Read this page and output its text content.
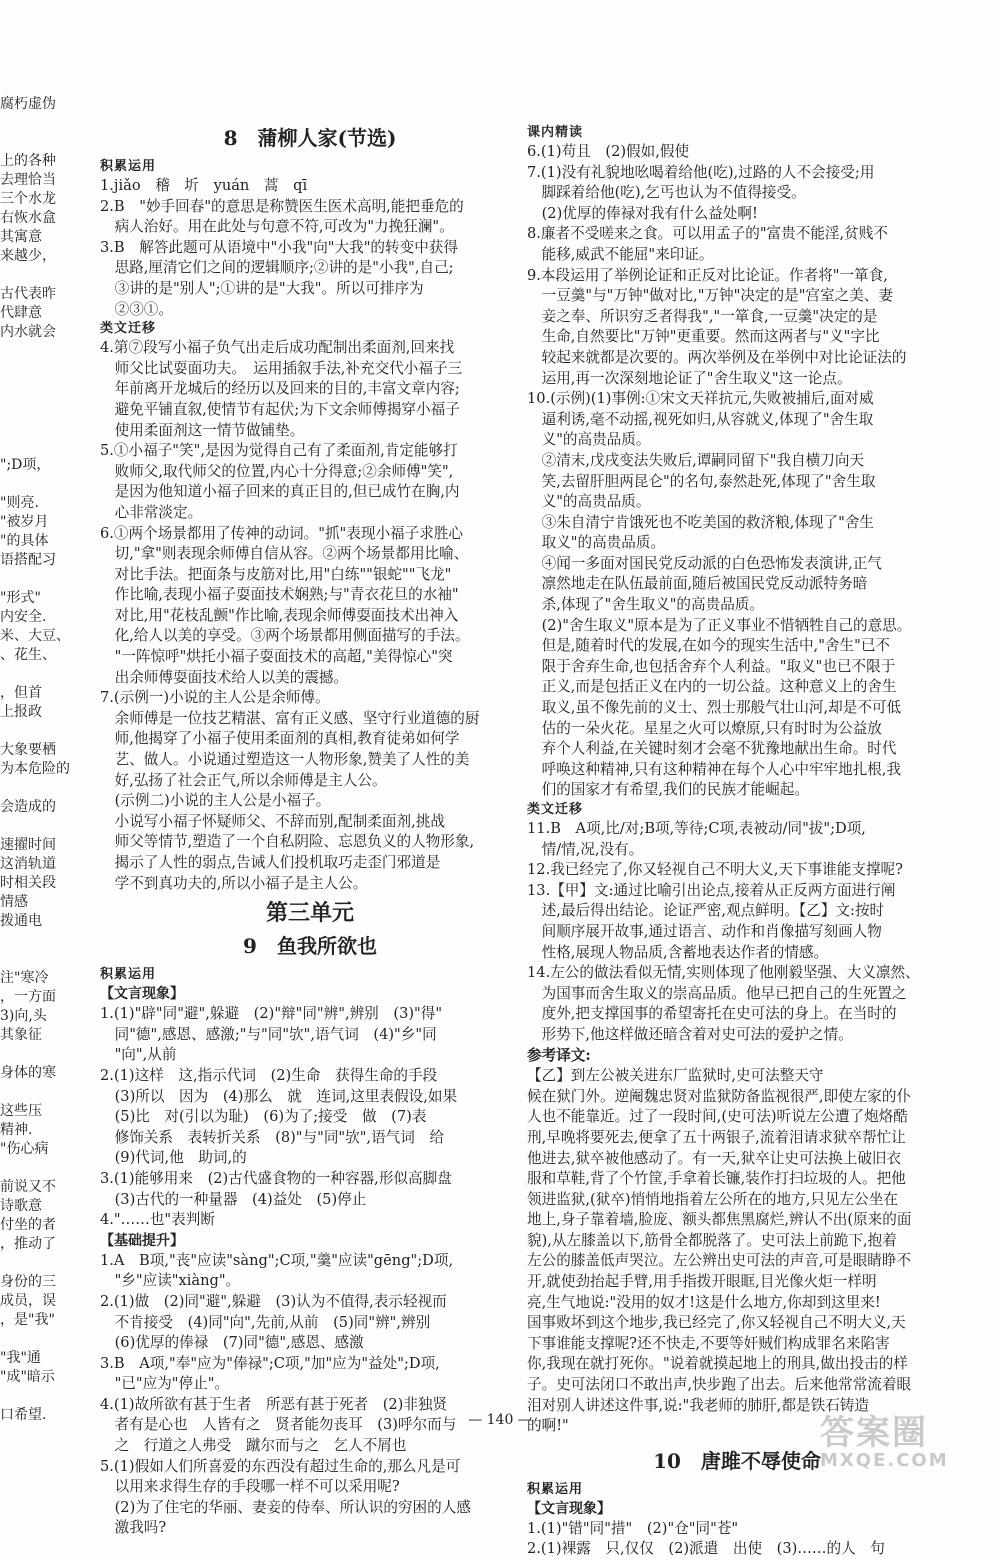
腐朽虚伪

上的各种
去理恰当
三个水龙
右恢水盒
其寓意
来越少，

古代表昨
代肆意
内水就会

";D项，

"则亮.
"被岁月
"的具体
语搭配习

"形式"
内安全.
米、大豆、
、花生、

，但首
上报政

大象要栖
为本危险的

会造成的

速擢时间
这消轨道
时相关段
情感
拨通电

注"寒冷
，一方面
3)向,头
其象征

身体的寒

这些压
精神.
"伤心病

前说又不
诗歌意
付坐的者
，推动了

身份的三
成员，误
，是"我"

"我"通
"成"暗示

口希望.
8　蒲柳人家(节选)
积累运用
1.jiǎo　稽　圻　yuán　蒿　qī
2.B　"妙手回春"的意思是称赞医生医术高明,能把垂危的
　病人治好。用在此处与句意不符,可改为"力挽狂澜"。
3.B　解答此题可从语境中"小我"向"大我"的转变中获得
　思路,厘清它们之间的逻辑顺序;②讲的是"小我",自己;
　③讲的是"别人";①讲的是"大我"。所以可排序为
　②③①。
类文迁移
4.第⑦段写小福子负气出走后成功配制出柔面剂,回来找
　师父比试耍面功夫。　运用插叙手法,补充交代小福子三
　年前离开龙城后的经历以及回来的目的,丰富文章内容;
　避免平铺直叙,使情节有起伏;为下文余师傅揭穿小福子
　使用柔面剂这一情节做铺垫。
5.①小福子"笑",是因为觉得自己有了柔面剂,肯定能够打
　败师父,取代师父的位置,内心十分得意;②余师傅"笑",
　是因为他知道小福子回来的真正目的,但已成竹在胸,内
　心非常淡定。
6.①两个场景都用了传神的动词。"抓"表现小福子求胜心
　切,"拿"则表现余师傅自信从容。②两个场景都用比喻、
　对比手法。把面条与皮筋对比,用"白练""银蛇""飞龙"
　作比喻,表现小福子耍面技术娴熟;与"青衣花旦的水袖"
　对比,用"花枝乱颤"作比喻,表现余师傅耍面技术出神入
　化,给人以美的享受。③两个场景都用侧面描写的手法。
　"一阵惊呼"烘托小福子耍面技术的高超,"美得惊心"突
　出余师傅耍面技术给人以美的震撼。
7.(示例一)小说的主人公是余师傅。
　余师傅是一位技艺精湛、富有正义感、坚守行业道德的厨
　师,他揭穿了小福子使用柔面剂的真相,教育徒弟如何学
　艺、做人。小说通过塑造这一人物形象,赞美了人性的美
　好,弘扬了社会正气,所以余师傅是主人公。
　(示例二)小说的主人公是小福子。
　小说写小福子怀疑师父、不辞而别,配制柔面剂,挑战
　师父等情节,塑造了一个自私阴险、忘恩负义的人物形象,
　揭示了人性的弱点,告诫人们投机取巧走歪门邪道是
　学不到真功夫的,所以小福子是主人公。
第三单元
9　鱼我所欲也
积累运用
【文言现象】
1.(1)"辟"同"避",躲避　(2)"辩"同"辨",辨别　(3)"得"
　同"德",感恩、感激;"与"同"欤",语气词　(4)"乡"同
　"向",从前
2.(1)这样　这,指示代词　(2)生命　获得生命的手段
　(3)所以　因为　(4)那么　就　连词,这里表假设,如果
　(5)比　对(引以为耻)　(6)为了;接受　做　(7)表
　修饰关系　表转折关系　(8)"与"同"欤",语气词　给
　(9)代词,他　助词,的
3.(1)能够用来　(2)古代盛食物的一种容器,形似高脚盘
　(3)古代的一种量器　(4)益处　(5)停止
4."……也"表判断
【基础提升】
1.A　B项,"丧"应读"sàng";C项,"羹"应读"gēng";D项,
　"乡"应读"xiàng"。
2.(1)做　(2)同"避",躲避　(3)认为不值得,表示轻视而
　不肯接受　(4)同"向",先前,从前　(5)同"辨",辨别
　(6)优厚的俸禄　(7)同"德",感恩、感激
3.B　A项,"奉"应为"俸禄";C项,"加"应为"益处";D项,
　"已"应为"停止"。
4.(1)故所欲有甚于生者　所恶有甚于死者　(2)非独贤
　者有是心也　人皆有之　贤者能勿丧耳　(3)呼尔而与
　之　行道之人弗受　蹴尔而与之　乞人不屑也
5.(1)假如人们所喜爱的东西没有超过生命的,那么凡是可
　以用来求得生存的手段哪一样不可以采用呢?
　(2)为了住宅的华丽、妻妾的侍奉、所认识的穷困的人感
　激我吗?
课内精读
6.(1)苟且　(2)假如,假使
7.(1)没有礼貌地吆喝着给他(吃),过路的人不会接受;用
　脚踩着给他(吃),乞丐也认为不值得接受。
　(2)优厚的俸禄对我有什么益处啊!
8.廉者不受嗟来之食。可以用孟子的"富贵不能淫,贫贱不
　能移,威武不能屈"来印证。
9.本段运用了举例论证和正反对比论证。作者将"一箪食,
　一豆羹"与"万钟"做对比,"万钟"决定的是"宫室之美、妻
　妾之奉、所识穷乏者得我","一箪食,一豆羹"决定的是
　生命,自然要比"万钟"更重要。然而这两者与"义"字比
　较起来就都是次要的。两次举例及在举例中对比论证法的
　运用,再一次深刻地论证了"舍生取义"这一论点。
10.(示例)(1)事例:①宋文天祥抗元,失败被捕后,面对威
　逼利诱,毫不动摇,视死如归,从容就义,体现了"舍生取
　义"的高贵品质。
　②清末,戊戌变法失败后,谭嗣同留下"我自横刀向天
　笑,去留肝胆两昆仑"的名句,泰然赴死,体现了"舍生取
　义"的高贵品质。
　③朱自清宁肯饿死也不吃美国的救济粮,体现了"舍生
　取义"的高贵品质。
　④闻一多面对国民党反动派的白色恐怖发表演讲,正气
　凛然地走在队伍最前面,随后被国民党反动派特务暗
　杀,体现了"舍生取义"的高贵品质。
　(2)"舍生取义"原本是为了正义事业不惜牺牲自己的意思。
　但是,随着时代的发展,在如今的现实生活中,"舍生"已不
　限于舍弃生命,也包括舍弃个人利益。"取义"也已不限于
　正义,而是包括正义在内的一切公益。这种意义上的舍生
　取义,虽不像先前的义士、烈士那般气壮山河,却是不可低
　估的一朵火花。星星之火可以燎原,只有时时为公益放
　弃个人利益,在关键时刻才会毫不犹豫地献出生命。时代
　呼唤这种精神,只有这种精神在每个人心中牢牢地扎根,我
　们的国家才有希望,我们的民族才能崛起。
类文迁移
11.B　A项,比/对;B项,等待;C项,表被动/同"拔";D项,
　情/情,况,没有。
12.我已经完了,你又轻视自己不明大义,天下事谁能支撑呢?
13.【甲】文:通过比喻引出论点,接着从正反两方面进行阐
　述,最后得出结论。论证严密,观点鲜明。【乙】文:按时
　间顺序展开故事,通过语言、动作和肖像描写刻画人物
　性格,展现人物品质,含蓄地表达作者的情感。
14.左公的做法看似无情,实则体现了他刚毅坚强、大义凛然、
　为国事而舍生取义的崇高品质。他早已把自己的生死置之
　度外,把支撑国事的希望寄托在史可法的身上。在当时的
　形势下,他这样做还暗含着对史可法的爱护之情。
参考译文:
【乙】到左公被关进东厂监狱时,史可法整天守
候在狱门外。逆阉魏忠贤对监狱防备监视很严,即使左家的仆
人也不能靠近。过了一段时间,(史可法)听说左公遭了炮烙酷
刑,早晚将要死去,便拿了五十两银子,流着泪请求狱卒帮忙让
他进去,狱卒被他感动了。有一天,狱卒让史可法换上破旧衣
服和草鞋,背了个竹筐,手拿着长镰,装作打扫垃圾的人。把他
领进监狱,(狱卒)悄悄地指着左公所在的地方,只见左公坐在
地上,身子靠着墙,脸庞、额头都焦黑腐烂,辨认不出(原来的面
貌),从左膝盖以下,筋骨全都脱落了。史可法上前跪下,抱着
左公的膝盖低声哭泣。左公辨出史可法的声音,可是眼睛睁不
开,就使劲抬起手臂,用手指拨开眼眶,目光像火炬一样明
亮,生气地说:"没用的奴才!这是什么地方,你却到这里来!
国事败坏到这个地步,我已经完了,你又轻视自己不明大义,天
下事谁能支撑呢?还不快走,不要等奸贼们构成罪名来陷害
你,我现在就打死你。"说着就摸起地上的刑具,做出投击的样
子。史可法闭口不敢出声,快步跑了出去。后来他常常流着眼
泪对别人讲述这件事,说:"我老师的肺肝,都是铁石铸造
的啊!"
10　唐雎不辱使命
积累运用
【文言现象】
1.(1)"错"同"措"　(2)"仓"同"苍"
2.(1)裸露　只,仅仅　(2)派遣　出使　(3)……的人　句
— 140 —	答案圈
MXQE.COM
